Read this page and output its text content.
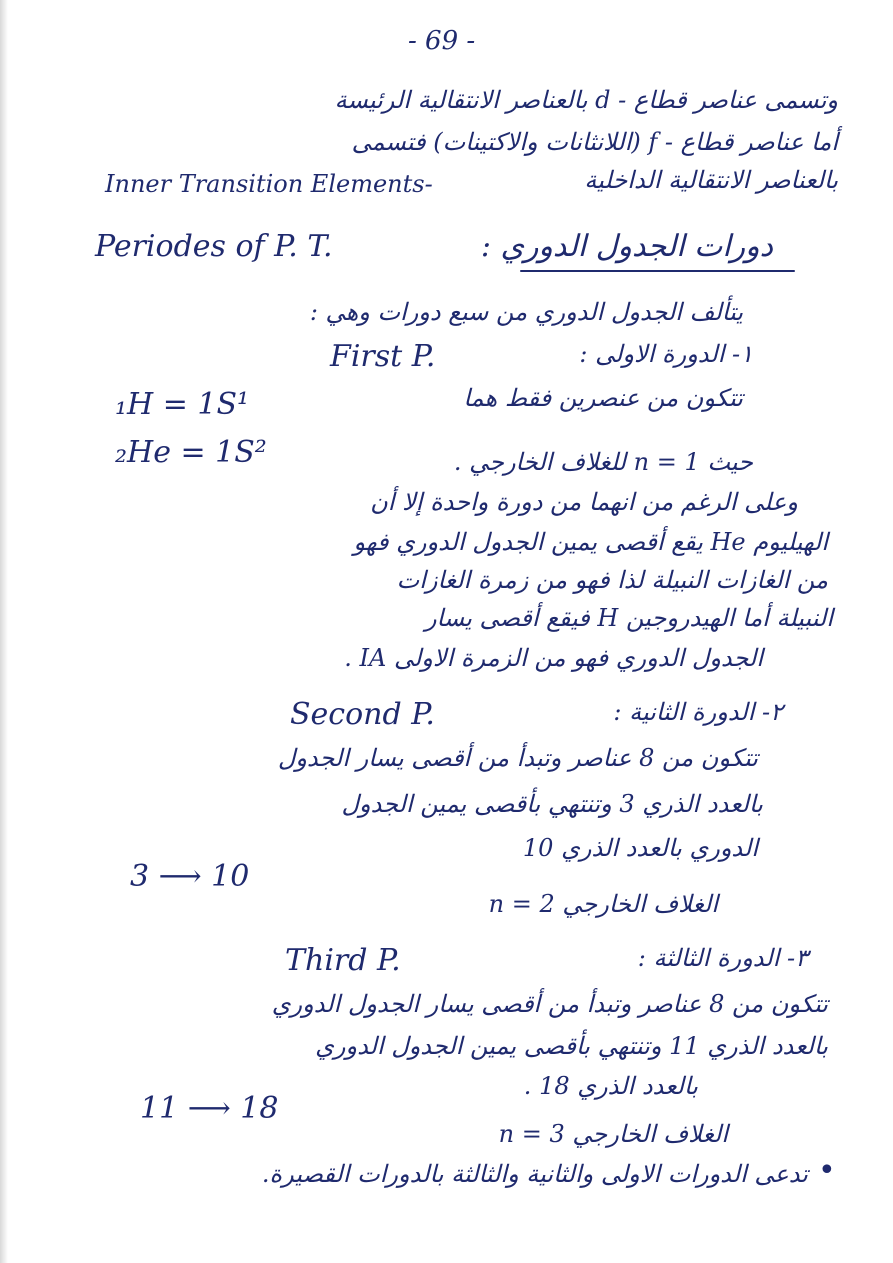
- 69 -
وتسمى عناصر قطاع - d بالعناصر الانتقالية الرئيسة
أما عناصر قطاع - f (اللانثانات والاكتينات) فتسمى
بالعناصر الانتقالية الداخلية
Inner Transition Elements-
دورات الجدول الدوري :
Periodes of P. T.
يتألف الجدول الدوري من سبع دورات وهي :
١- الدورة الاولى :
First P.
تتكون من عنصرين فقط هما
₁H = 1S¹
₂He = 1S²	حيث n = 1 للغلاف الخارجي .
وعلى الرغم من انهما من دورة واحدة إلا أن
الهيليوم He يقع أقصى يمين الجدول الدوري فهو
من الغازات النبيلة لذا فهو من زمرة الغازات
النبيلة أما الهيدروجين H فيقع أقصى يسار
الجدول الدوري فهو من الزمرة الاولى IA .
٢- الدورة الثانية :
Second P.
تتكون من 8 عناصر وتبدأ من أقصى يسار الجدول
بالعدد الذري 3 وتنتهي بأقصى يمين الجدول
الدوري بالعدد الذري 10
3 ⟶ 10
الغلاف الخارجي n = 2
٣- الدورة الثالثة :
Third P.
تتكون من 8 عناصر وتبدأ من أقصى يسار الجدول الدوري
بالعدد الذري 11 وتنتهي بأقصى يمين الجدول الدوري
بالعدد الذري 18 .
11 ⟶ 18
الغلاف الخارجي n = 3
•
تدعى الدورات الاولى والثانية والثالثة بالدورات القصيرة.
